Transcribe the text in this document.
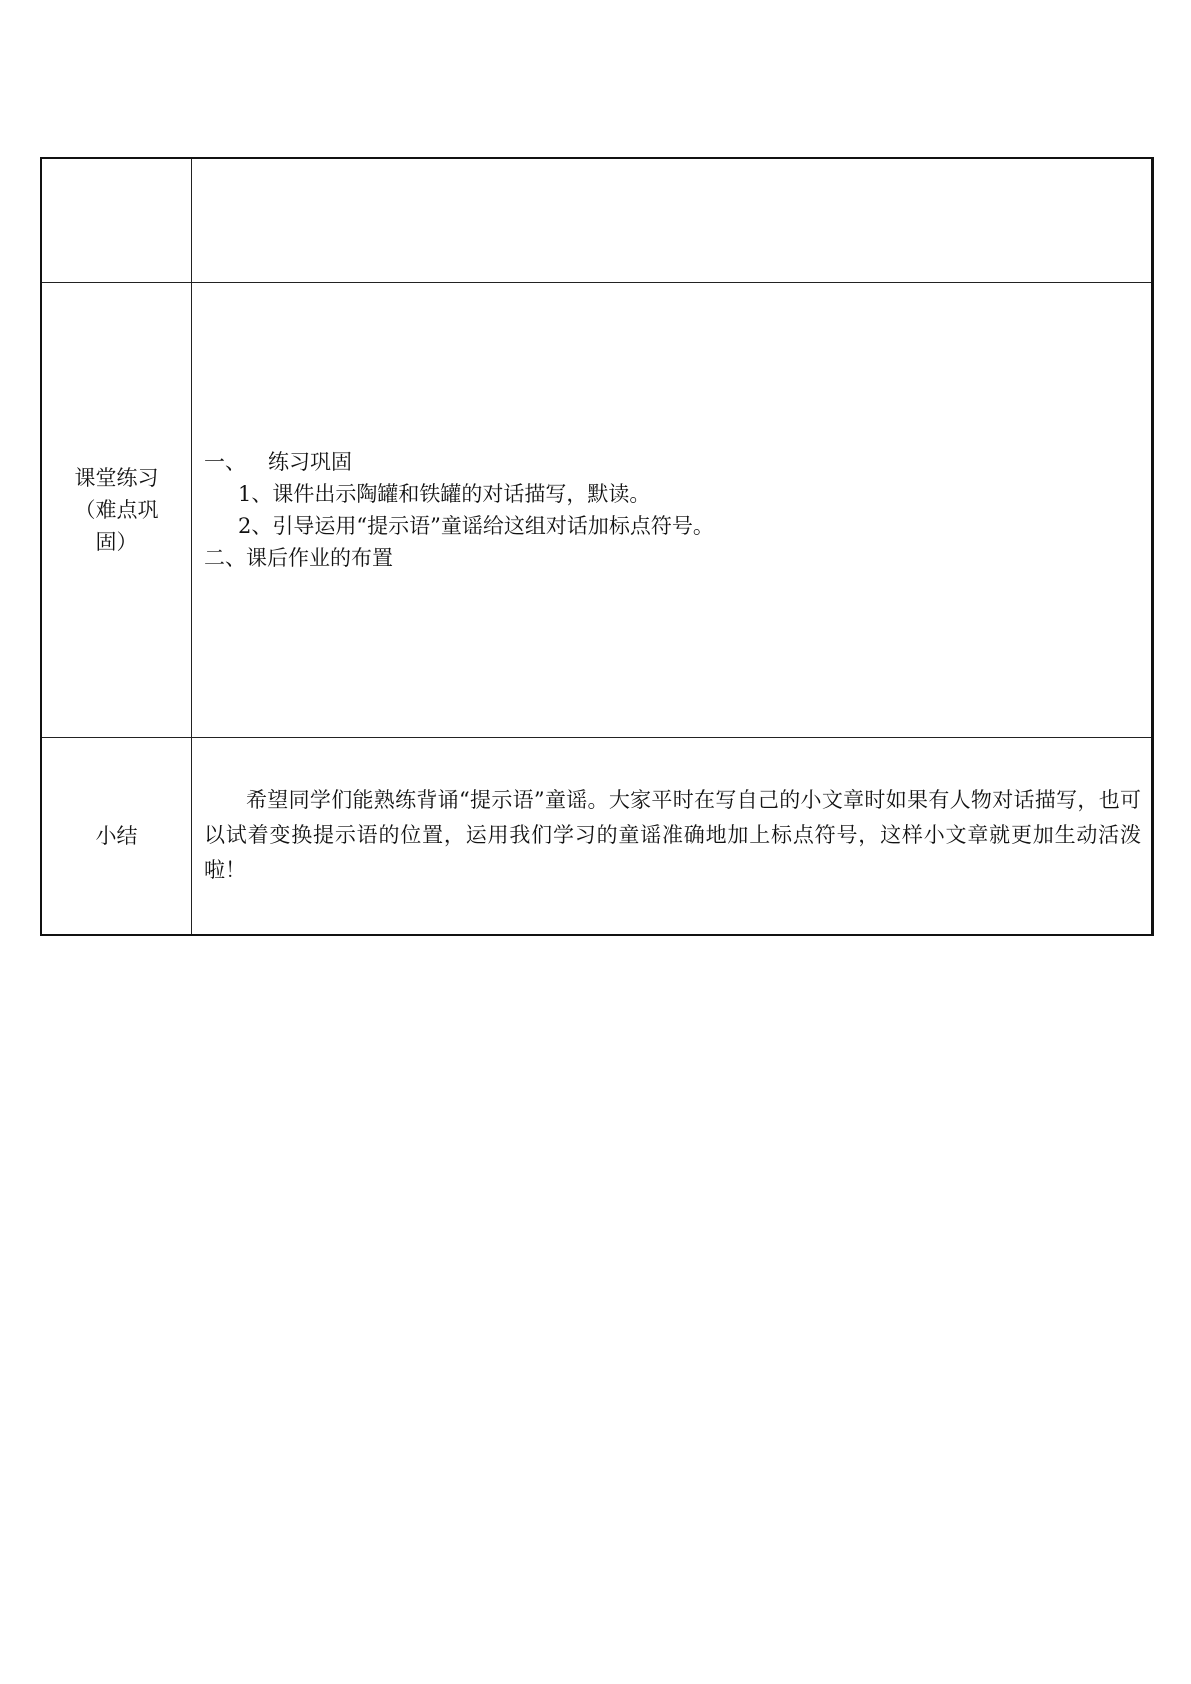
课堂练习（难点巩固）	一、 练习巩固
1、课件出示陶罐和铁罐的对话描写，默读。
2、引导运用“提示语”童谣给这组对话加标点符号。
二、课后作业的布置

小结	希望同学们能熟练背诵“提示语”童谣。大家平时在写自己的小文章时如果有人物对话描写，也可以试着变换提示语的位置，运用我们学习的童谣准确地加上标点符号，这样小文章就更加生动活泼啦！
